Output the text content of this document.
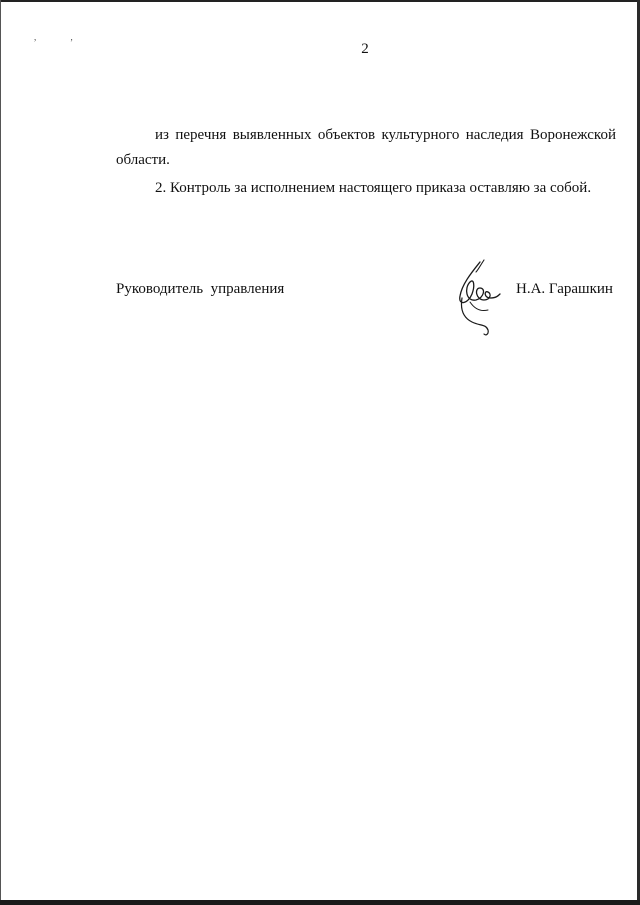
, ,
2
из перечня выявленных объектов культурного наследия Воронежской
области.
2. Контроль за исполнением настоящего приказа оставляю за собой.
Руководитель  управления	Н.А. Гарашкин
